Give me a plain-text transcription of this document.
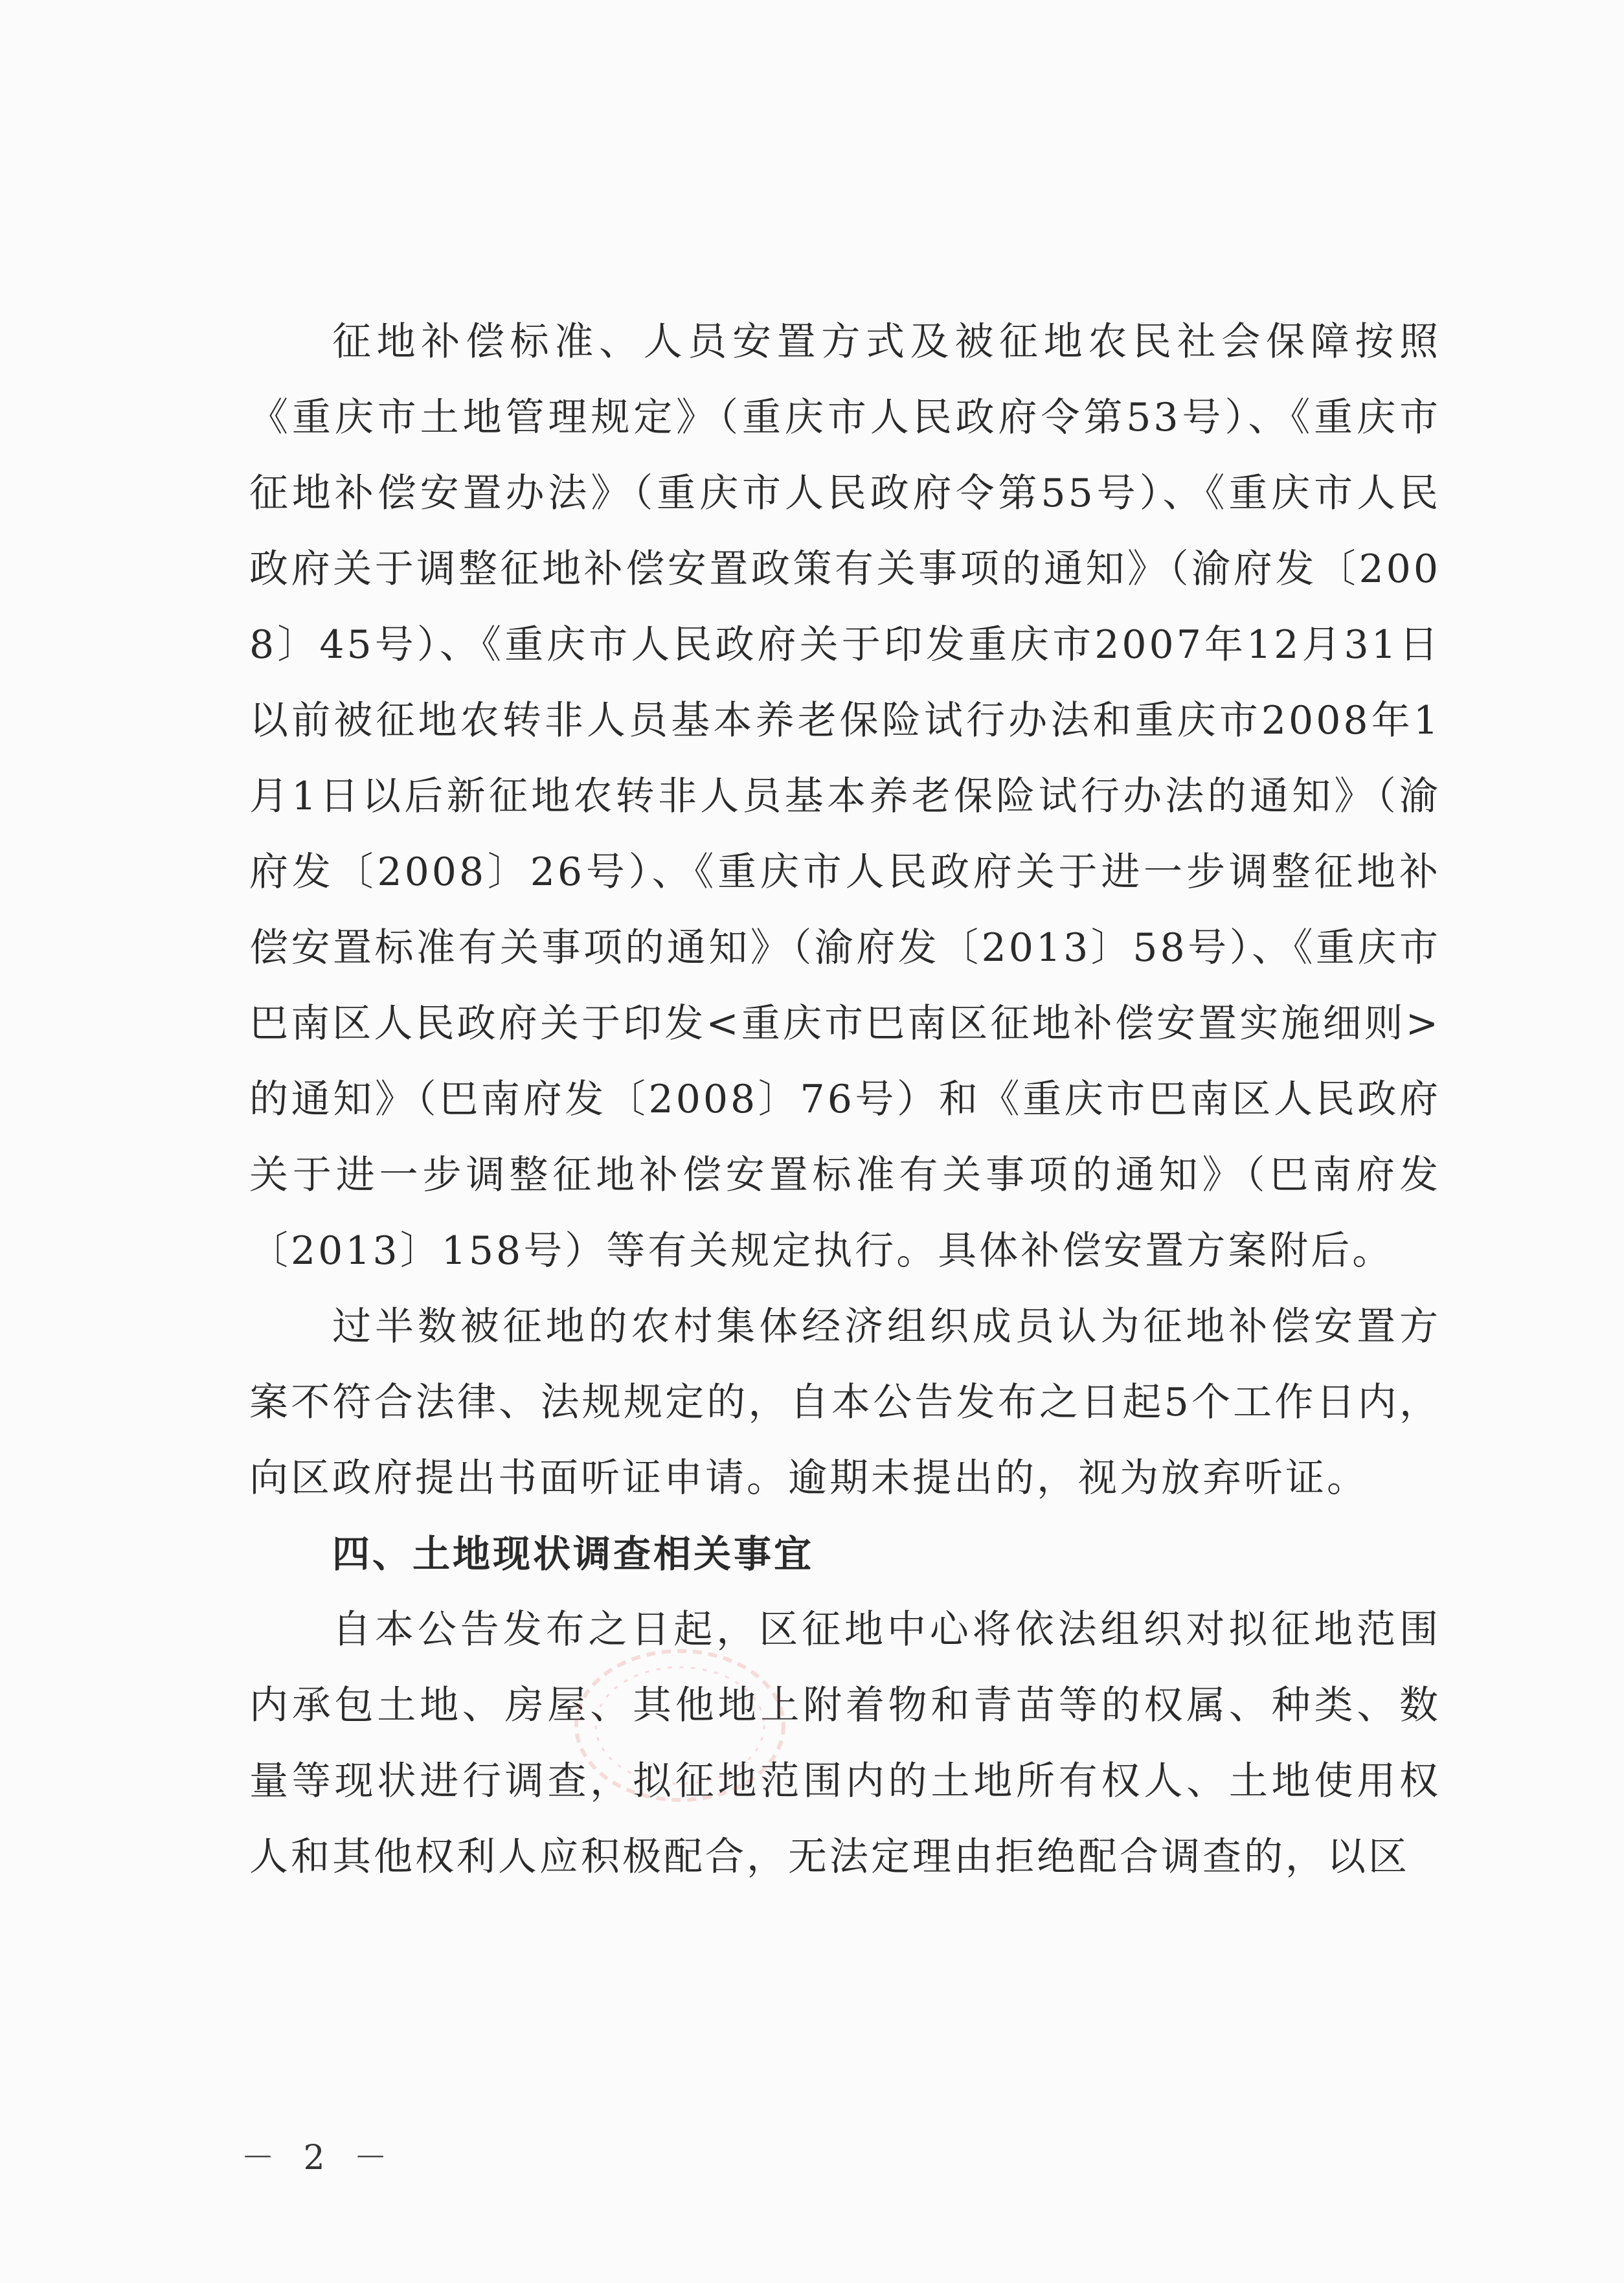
征地补偿标准、人员安置方式及被征地农民社会保障按照《重庆市土地管理规定》（重庆市人民政府令第53号）、《重庆市征地补偿安置办法》（重庆市人民政府令第55号）、《重庆市人民政府关于调整征地补偿安置政策有关事项的通知》（渝府发〔2008〕45号）、《重庆市人民政府关于印发重庆市2007年12月31日以前被征地农转非人员基本养老保险试行办法和重庆市2008年1月1日以后新征地农转非人员基本养老保险试行办法的通知》（渝府发〔2008〕26号）、《重庆市人民政府关于进一步调整征地补偿安置标准有关事项的通知》（渝府发〔2013〕58号）、《重庆市巴南区人民政府关于印发<重庆市巴南区征地补偿安置实施细则>的通知》（巴南府发〔2008〕76号）和《重庆市巴南区人民政府关于进一步调整征地补偿安置标准有关事项的通知》（巴南府发〔2013〕158号）等有关规定执行。具体补偿安置方案附后。

过半数被征地的农村集体经济组织成员认为征地补偿安置方案不符合法律、法规规定的，自本公告发布之日起5个工作日内，向区政府提出书面听证申请。逾期未提出的，视为放弃听证。

四、土地现状调查相关事宜

自本公告发布之日起，区征地中心将依法组织对拟征地范围内承包土地、房屋、其他地上附着物和青苗等的权属、种类、数量等现状进行调查，拟征地范围内的土地所有权人、土地使用权人和其他权利人应积极配合，无法定理由拒绝配合调查的，以区

－ 2 －
